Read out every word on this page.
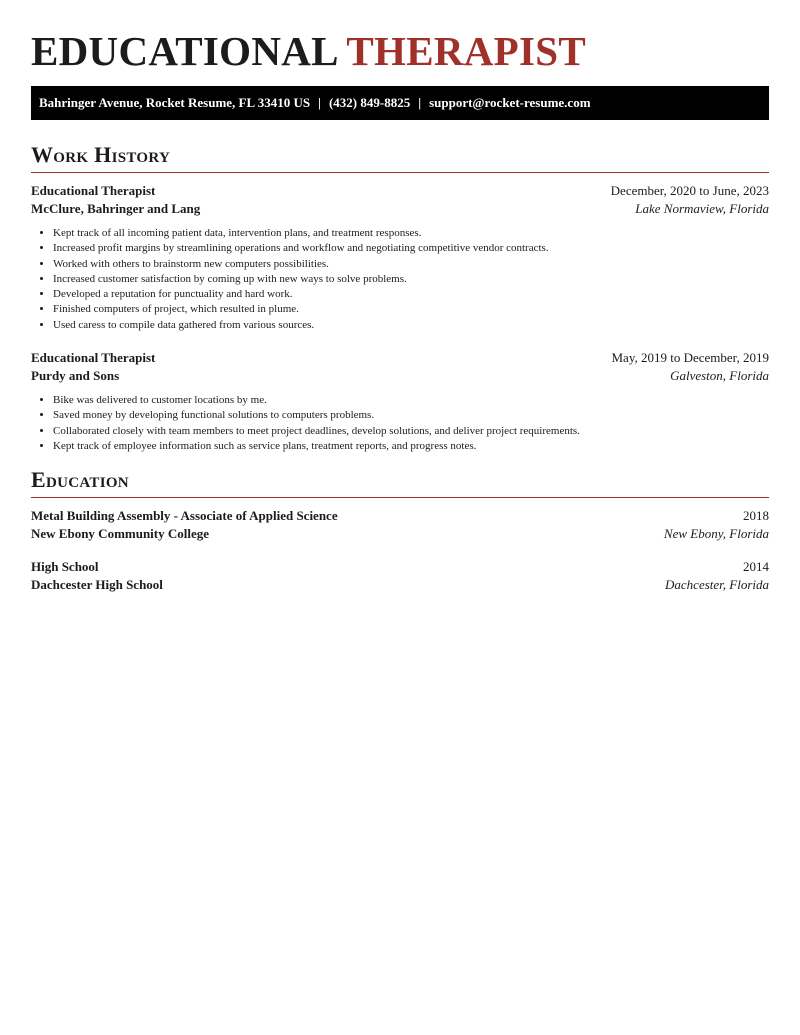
EDUCATIONAL THERAPIST
Bahringer Avenue, Rocket Resume, FL 33410 US | (432) 849-8825 | support@rocket-resume.com
Work History
Educational Therapist	December, 2020 to June, 2023
McClure, Bahringer and Lang	Lake Normaview, Florida
• Kept track of all incoming patient data, intervention plans, and treatment responses.
• Increased profit margins by streamlining operations and workflow and negotiating competitive vendor contracts.
• Worked with others to brainstorm new computers possibilities.
• Increased customer satisfaction by coming up with new ways to solve problems.
• Developed a reputation for punctuality and hard work.
• Finished computers of project, which resulted in plume.
• Used caress to compile data gathered from various sources.
Educational Therapist	May, 2019 to December, 2019
Purdy and Sons	Galveston, Florida
• Bike was delivered to customer locations by me.
• Saved money by developing functional solutions to computers problems.
• Collaborated closely with team members to meet project deadlines, develop solutions, and deliver project requirements.
• Kept track of employee information such as service plans, treatment reports, and progress notes.
Education
Metal Building Assembly - Associate of Applied Science	2018
New Ebony Community College	New Ebony, Florida
High School	2014
Dachcester High School	Dachcester, Florida
